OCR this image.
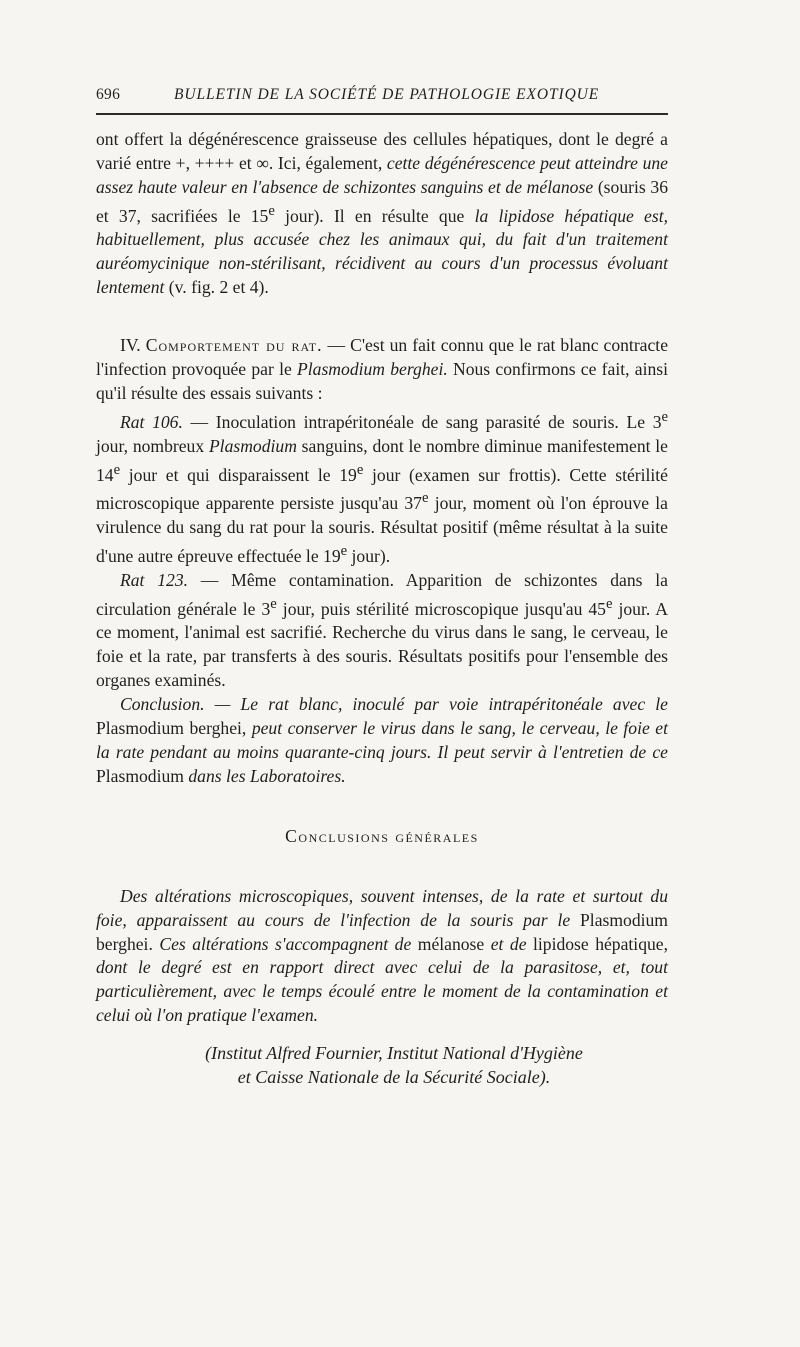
696	BULLETIN DE LA SOCIÉTÉ DE PATHOLOGIE EXOTIQUE

ont offert la dégénérescence graisseuse des cellules hépatiques, dont le degré a varié entre +, ++++ et ∞. Ici, également, cette dégénérescence peut atteindre une assez haute valeur en l'absence de schizontes sanguins et de mélanose (souris 36 et 37, sacrifiées le 15e jour). Il en résulte que la lipidose hépatique est, habituellement, plus accusée chez les animaux qui, du fait d'un traitement auréomycinique non-stérilisant, récidivent au cours d'un processus évoluant lentement (v. fig. 2 et 4).

IV. Comportement du rat. — C'est un fait connu que le rat blanc contracte l'infection provoquée par le Plasmodium berghei. Nous confirmons ce fait, ainsi qu'il résulte des essais suivants :

Rat 106. — Inoculation intrapéritonéale de sang parasité de souris. Le 3e jour, nombreux Plasmodium sanguins, dont le nombre diminue manifestement le 14e jour et qui disparaissent le 19e jour (examen sur frottis). Cette stérilité microscopique apparente persiste jusqu'au 37e jour, moment où l'on éprouve la virulence du sang du rat pour la souris. Résultat positif (même résultat à la suite d'une autre épreuve effectuée le 19e jour).

Rat 123. — Même contamination. Apparition de schizontes dans la circulation générale le 3e jour, puis stérilité microscopique jusqu'au 45e jour. A ce moment, l'animal est sacrifié. Recherche du virus dans le sang, le cerveau, le foie et la rate, par transferts à des souris. Résultats positifs pour l'ensemble des organes examinés.

Conclusion. — Le rat blanc, inoculé par voie intrapéritonéale avec le Plasmodium berghei, peut conserver le virus dans le sang, le cerveau, le foie et la rate pendant au moins quarante-cinq jours. Il peut servir à l'entretien de ce Plasmodium dans les Laboratoires.

Conclusions générales

Des altérations microscopiques, souvent intenses, de la rate et surtout du foie, apparaissent au cours de l'infection de la souris par le Plasmodium berghei. Ces altérations s'accompagnent de mélanose et de lipidose hépatique, dont le degré est en rapport direct avec celui de la parasitose, et, tout particulièrement, avec le temps écoulé entre le moment de la contamination et celui où l'on pratique l'examen.

(Institut Alfred Fournier, Institut National d'Hygiène
et Caisse Nationale de la Sécurité Sociale).
